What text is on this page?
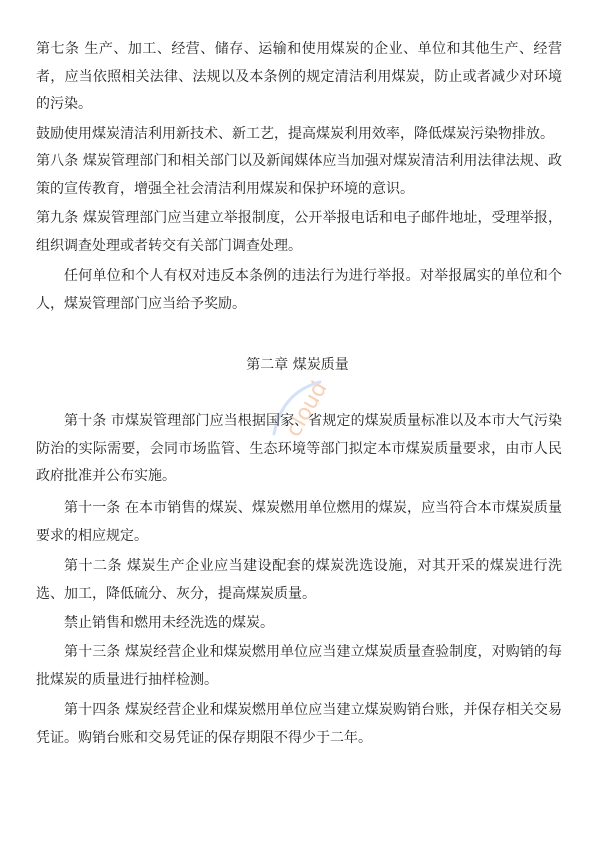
第七条 生产、加工、经营、储存、运输和使用煤炭的企业、单位和其他生产、经营者，应当依照相关法律、法规以及本条例的规定清洁利用煤炭，防止或者减少对环境的污染。

鼓励使用煤炭清洁利用新技术、新工艺，提高煤炭利用效率，降低煤炭污染物排放。

第八条 煤炭管理部门和相关部门以及新闻媒体应当加强对煤炭清洁利用法律法规、政策的宣传教育，增强全社会清洁利用煤炭和保护环境的意识。

第九条 煤炭管理部门应当建立举报制度，公开举报电话和电子邮件地址，受理举报，组织调查处理或者转交有关部门调查处理。

任何单位和个人有权对违反本条例的违法行为进行举报。对举报属实的单位和个人，煤炭管理部门应当给予奖励。

第二章 煤炭质量
cloud

第十条 市煤炭管理部门应当根据国家、省规定的煤炭质量标准以及本市大气污染防治的实际需要，会同市场监管、生态环境等部门拟定本市煤炭质量要求，由市人民政府批准并公布实施。

第十一条 在本市销售的煤炭、煤炭燃用单位燃用的煤炭，应当符合本市煤炭质量要求的相应规定。

第十二条 煤炭生产企业应当建设配套的煤炭洗选设施，对其开采的煤炭进行洗选、加工，降低硫分、灰分，提高煤炭质量。

禁止销售和燃用未经洗选的煤炭。

第十三条 煤炭经营企业和煤炭燃用单位应当建立煤炭质量查验制度，对购销的每批煤炭的质量进行抽样检测。

第十四条 煤炭经营企业和煤炭燃用单位应当建立煤炭购销台账，并保存相关交易凭证。购销台账和交易凭证的保存期限不得少于二年。
